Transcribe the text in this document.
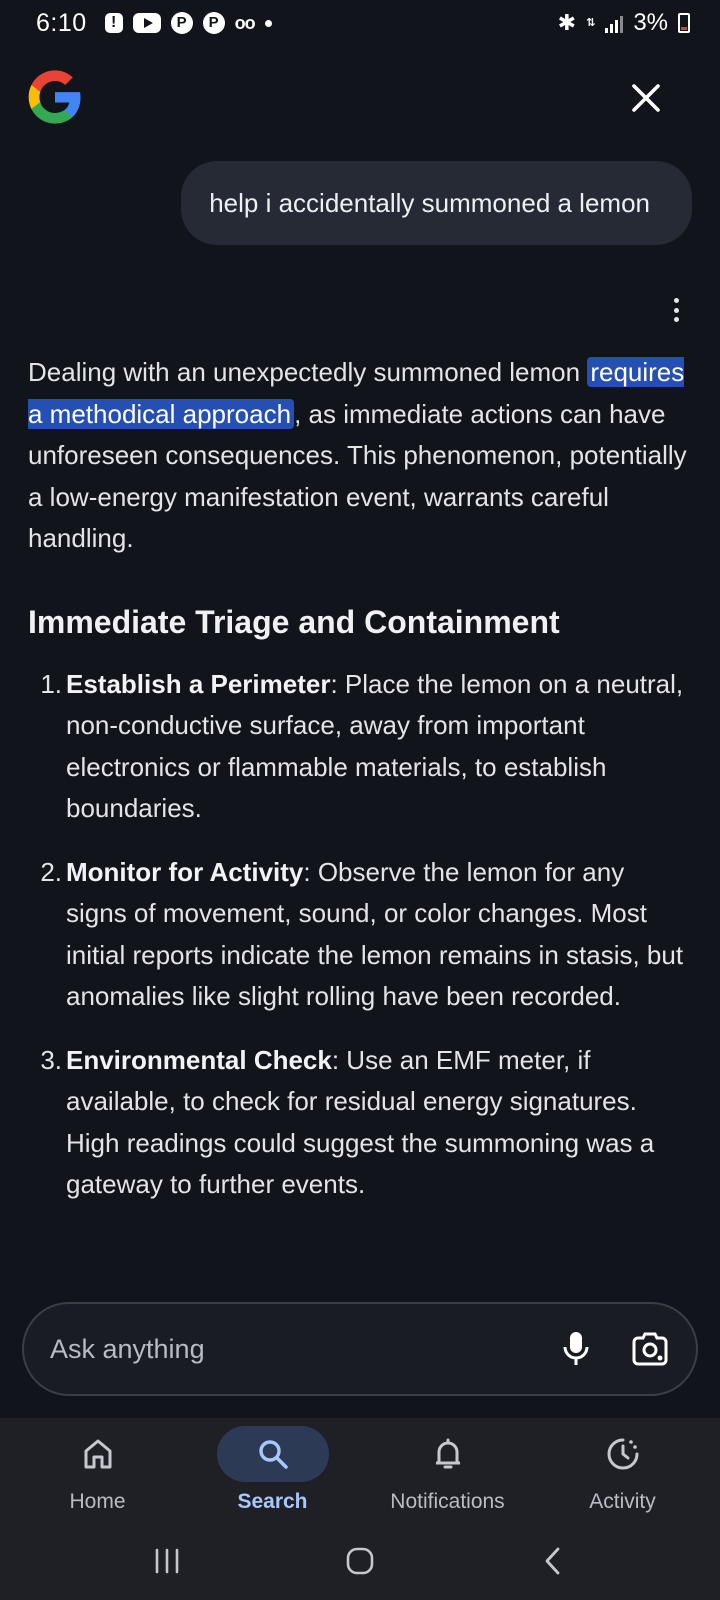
6:10	!	P	P oo	✱ ⇅ 3%
help i accidentally summoned a lemon

Dealing with an unexpectedly summoned lemon requires a methodical approach , as immediate actions can have unforeseen consequences. This phenomenon, potentially a low-energy manifestation event, warrants careful handling.

Immediate Triage and Containment
1. Establish a Perimeter: Place the lemon on a neutral, non-conductive surface, away from important electronics or flammable materials, to establish boundaries.
2. Monitor for Activity: Observe the lemon for any signs of movement, sound, or color changes. Most initial reports indicate the lemon remains in stasis, but anomalies like slight rolling have been recorded.
3. Environmental Check: Use an EMF meter, if available, to check for residual energy signatures. High readings could suggest the summoning was a gateway to further events.
Ask anything
Home	Search	Notifications	Activity
